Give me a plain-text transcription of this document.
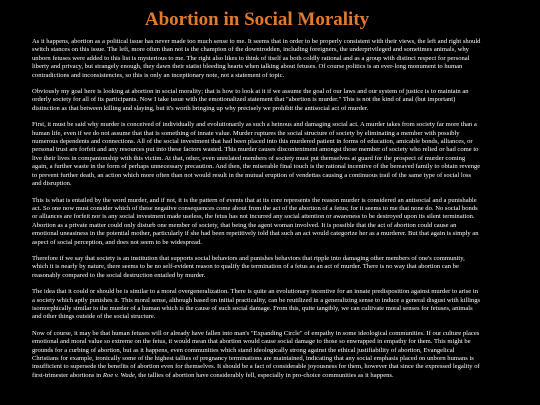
Abortion in Social Morality

As it happens, abortion as a political issue has never made too much sense to me. It seems that in order to be properly consistent with their views, the left and right should switch stances on this issue. The left, more often than not is the champion of the downtrodden, including foreigners, the underprivileged and sometimes animals, why unborn fetuses were added to this list is mysterious to me. The right also likes to think of itself as both coldly rational and as a group with distinct respect for personal liberty and privacy, but strangely enough, they dawn their statist bleeding hearts when talking about fetuses. Of course politics is an ever-long monument to human contradictions and inconsistencies, so this is only an inceptionary note, not a statement of topic.

Obviously my goal here is looking at abortion in social morality; that is how to look at it if we assume the goal of our laws and our system of justice is to maintain an orderly society for all of its participants. Now I take issue with the emotionalized statement that "abortion is murder." This is not the kind of anal (but important) distinction as that between killing and slaying, but it's worth bringing up why precisely we prohibit the antisocial act of murder.

First, it must be said why murder is conceived of individually and evolutionarily as such a heinous and damaging social act. A murder takes from society far more than a human life, even if we do not assume that that is something of innate value. Murder ruptures the social structure of society by eliminating a member with possibly numerous dependents and connections. All of the social investment that had been placed into this murdered patient in forms of education, amicable bonds, alliances, or personal trust are forfeit and any resources put into these factors wasted. This murder causes discontentment amongst those member of society who relied or had come to live their lives in companionship with this victim. At that, other, even unrelated members of society must put themselves at guard for the prospect of murder coming again, a further waste in the form of perhaps unnecessary precaution. And then, the miserable final touch is the rational incentive of the bereaved family to obtain revenge to prevent further death, an action which more often than not would result in the mutual eruption of vendettas causing a continuous trail of the same type of social loss and disruption.

This is what is entailed by the word murder, and if not, it is the pattern of events that at its core represents the reason murder is considered an antisocial and a punishable act. So one now must consider which of these negative consequences come about from the act of the abortion of a fetus; for it seems to me that none do. No social bonds or alliances are forfeit nor is any social investment made useless, the fetus has not incurred any social attention or awareness to be destroyed upon its silent termination. Abortion as a private matter could only disturb one member of society, that being the agent woman involved. It is possible that the act of abortion could cause an emotional uneasiness in the potential mother, particularly if she had been repetitively told that such an act would categorize her as a murderer. But that again is simply an aspect of social perception, and does not seem to be widespread.

Therefore if we say that society is an institution that supports social behaviors and punishes behaviors that ripple into damaging other members of one's community, which it is nearly by nature, there seems to be no self-evident reason to qualify the termination of a fetus as an act of murder. There is no way that abortion can be reasonably compared to the social destruction entailed by murder.

The idea that it could or should be is similar to a moral overgeneralization. There is quite an evolutionary incentive for an innate predisposition against murder to arise in a society which aptly punishes it. This moral sense, although based on initial practicality, can be reutilized in a generalizing sense to induce a general disgust with killings isomorphically similar to the murder of a human which is the cause of such social damage. From this, quite tangibly, we can cultivate moral senses for fetuses, animals and other things outside of the social structure.

Now of course, it may be that human fetuses will or already have fallen into man's "Expanding Circle" of empathy in some ideological communities. If our culture places emotional and moral value so extreme on the fetus, it would mean that abortion would cause social damage to those so enwrapped in empathy for them. This might be grounds for a curbing of abortion, but as it happens, even communities which stand ideologically strong against the ethical justifiability of abortion, Evangelical Christians for example, ironically some of the highest tallies of pregnancy terminations are maintained, indicating that any social emphasis placed on unborn humans is insufficient to supersede the benefits of abortion even for themselves. It should be a fact of considerable joyousness for them, however that since the expressed legality of first-trimester abortions in Roe v. Wade, the tallies of abortion have considerably fell, especially in pro-choice communities as it happens.
